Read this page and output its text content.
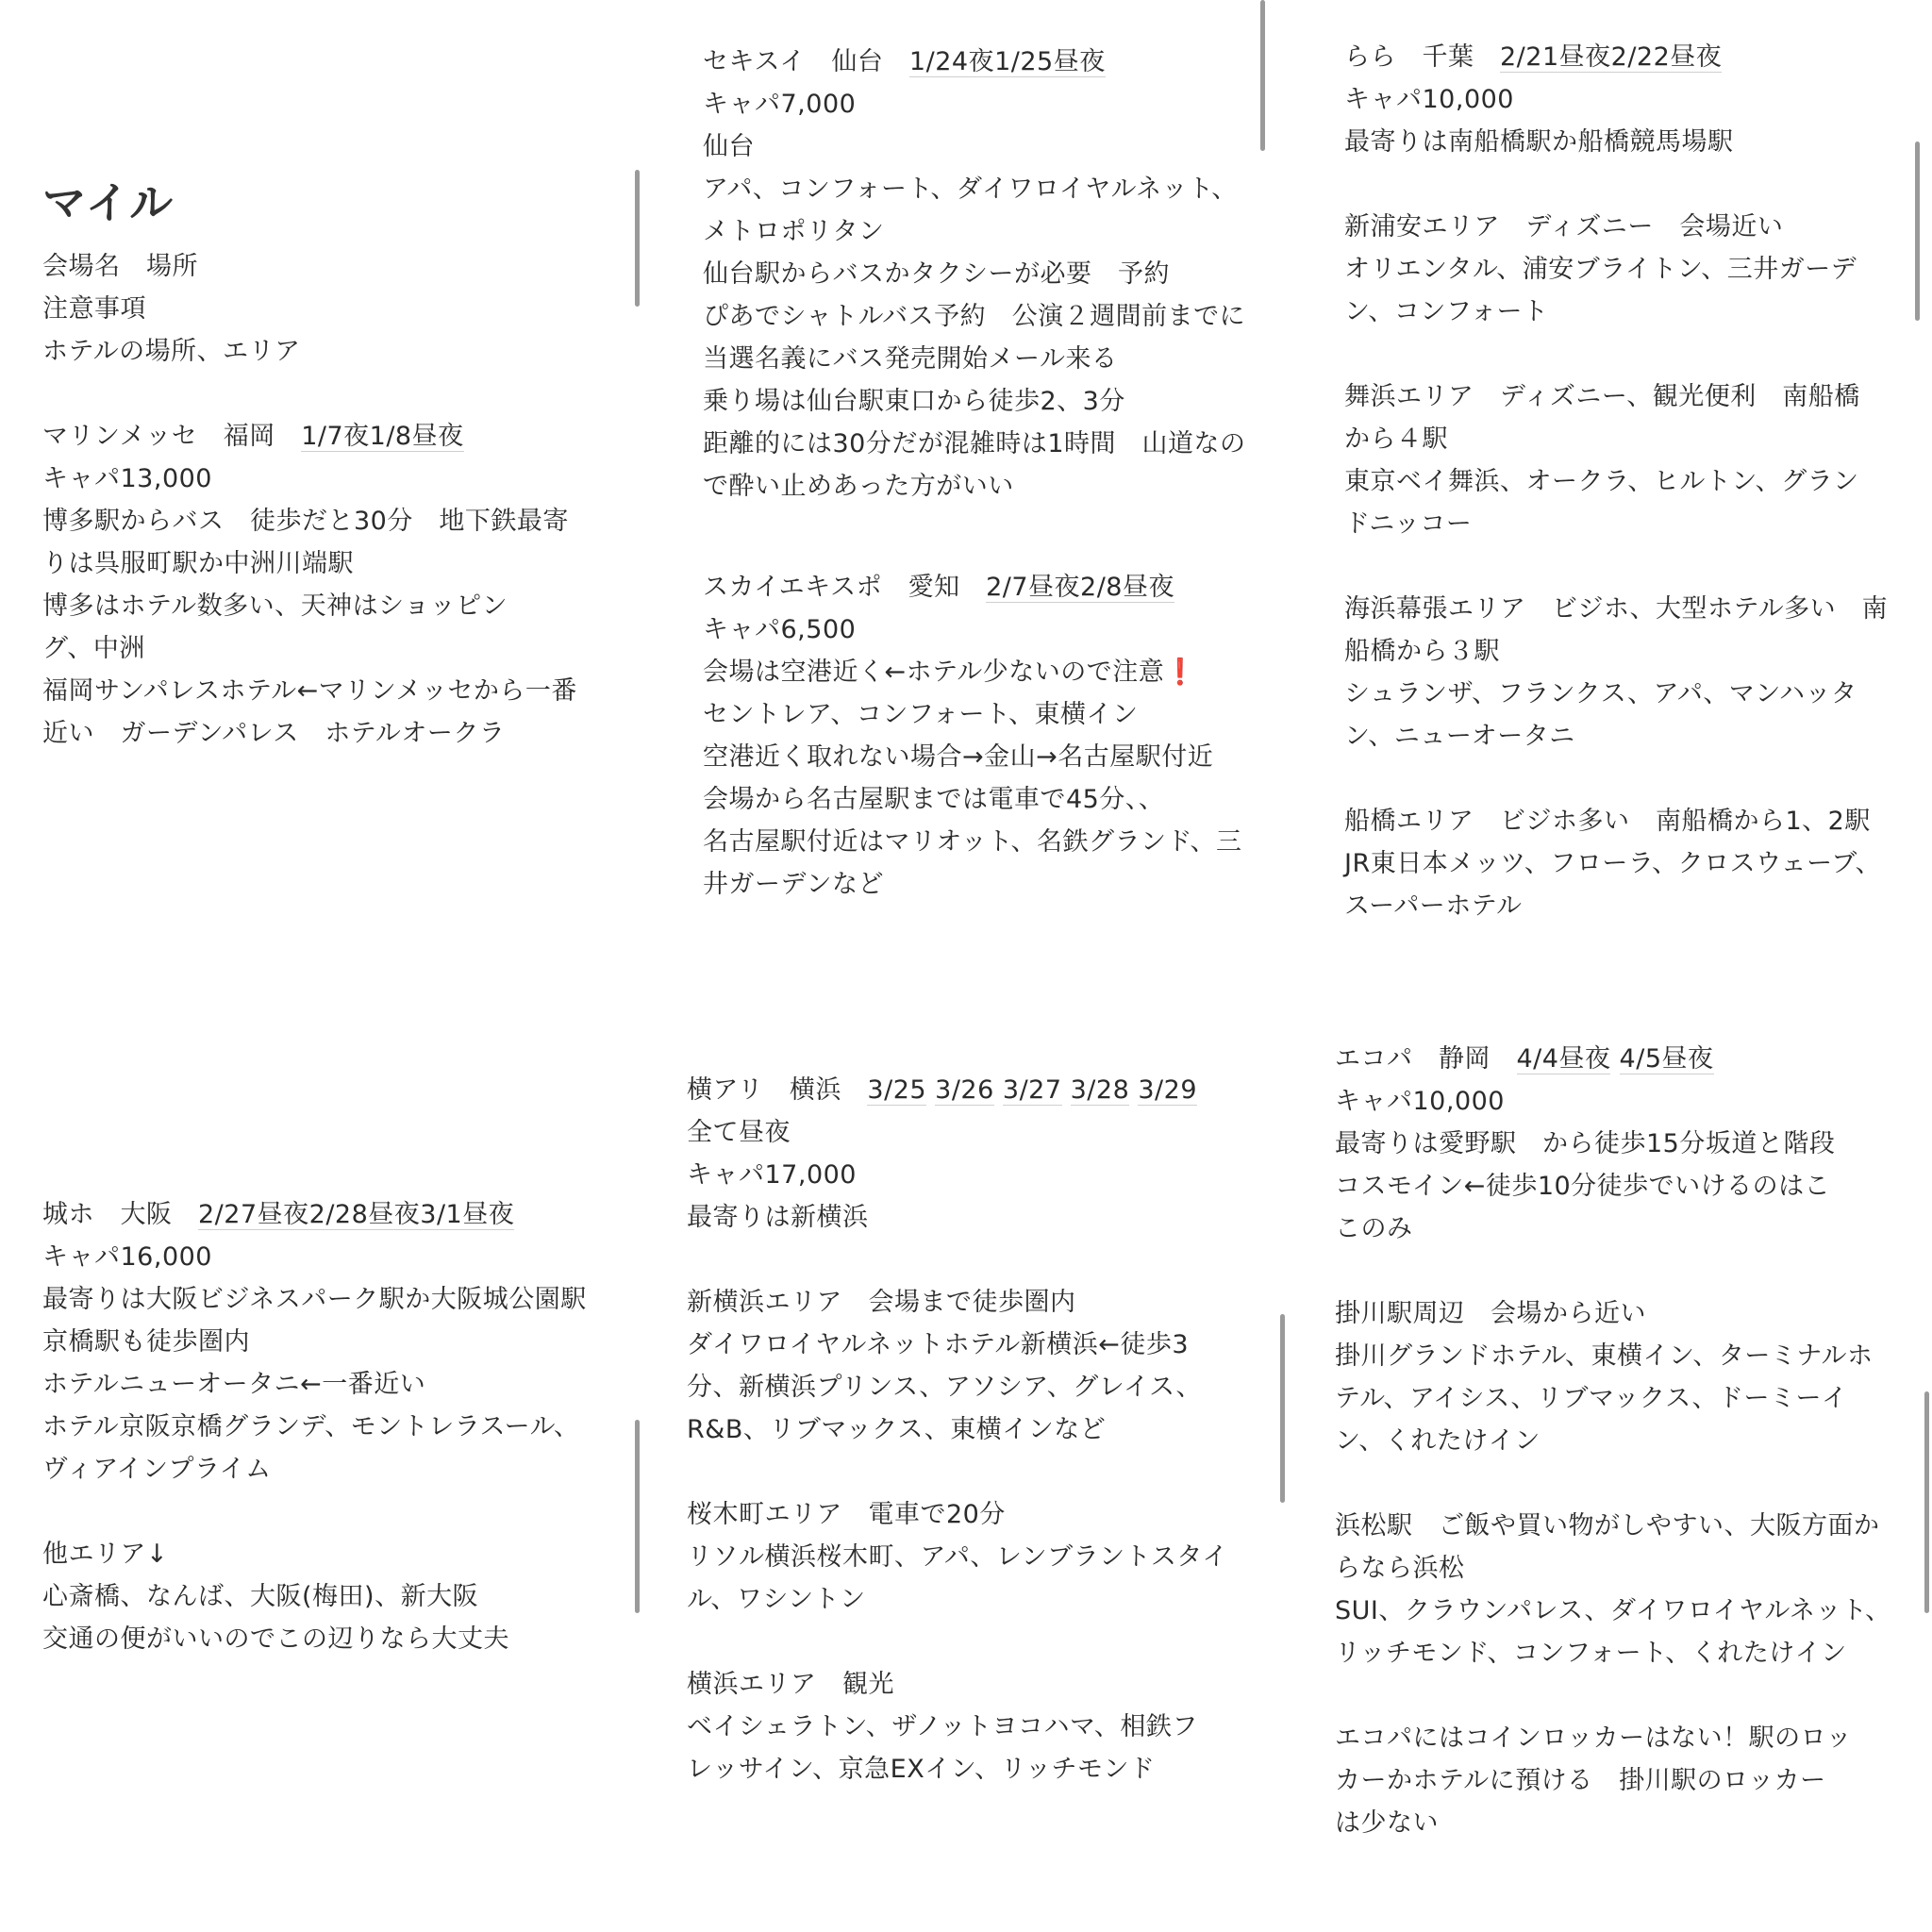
マイル
会場名　場所
注意事項
ホテルの場所、エリア
マリンメッセ　福岡　1/7夜1/8昼夜
キャパ13,000
博多駅からバス　徒歩だと30分　地下鉄最寄
りは呉服町駅か中洲川端駅
博多はホテル数多い、天神はショッピン
グ、中洲
福岡サンパレスホテル←マリンメッセから一番
近い　ガーデンパレス　ホテルオークラ
セキスイ　仙台　1/24夜1/25昼夜
キャパ7,000
仙台
アパ、コンフォート、ダイワロイヤルネット、
メトロポリタン
仙台駅からバスかタクシーが必要　予約
ぴあでシャトルバス予約　公演２週間前までに
当選名義にバス発売開始メール来る
乗り場は仙台駅東口から徒歩2、3分
距離的には30分だが混雑時は1時間　山道なの
で酔い止めあった方がいい
スカイエキスポ　愛知　2/7昼夜2/8昼夜
キャパ6,500
会場は空港近く←ホテル少ないので注意❗
セントレア、コンフォート、東横イン
空港近く取れない場合→金山→名古屋駅付近
会場から名古屋駅までは電車で45分、、
名古屋駅付近はマリオット、名鉄グランド、三
井ガーデンなど
らら　千葉　2/21昼夜2/22昼夜
キャパ10,000
最寄りは南船橋駅か船橋競馬場駅
新浦安エリア　ディズニー　会場近い
オリエンタル、浦安ブライトン、三井ガーデ
ン、コンフォート
舞浜エリア　ディズニー、観光便利　南船橋
から４駅
東京ベイ舞浜、オークラ、ヒルトン、グラン
ドニッコー
海浜幕張エリア　ビジホ、大型ホテル多い　南
船橋から３駅
シュランザ、フランクス、アパ、マンハッタ
ン、ニューオータニ
船橋エリア　ビジホ多い　南船橋から1、2駅
JR東日本メッツ、フローラ、クロスウェーブ、
スーパーホテル
城ホ　大阪　2/27昼夜2/28昼夜3/1昼夜
キャパ16,000
最寄りは大阪ビジネスパーク駅か大阪城公園駅
京橋駅も徒歩圏内
ホテルニューオータニ←一番近い
ホテル京阪京橋グランデ、モントレラスール、
ヴィアインプライム
他エリア↓
心斎橋、なんば、大阪(梅田)、新大阪
交通の便がいいのでこの辺りなら大丈夫
横アリ　横浜　3/25 3/26 3/27 3/28 3/29
全て昼夜
キャパ17,000
最寄りは新横浜
新横浜エリア　会場まで徒歩圏内
ダイワロイヤルネットホテル新横浜←徒歩3
分、新横浜プリンス、アソシア、グレイス、
R&B、リブマックス、東横インなど
桜木町エリア　電車で20分
リソル横浜桜木町、アパ、レンブラントスタイ
ル、ワシントン
横浜エリア　観光
ベイシェラトン、ザノットヨコハマ、相鉄フ
レッサイン、京急EXイン、リッチモンド
エコパ　静岡　4/4昼夜 4/5昼夜
キャパ10,000
最寄りは愛野駅　から徒歩15分坂道と階段
コスモイン←徒歩10分徒歩でいけるのはこ
このみ
掛川駅周辺　会場から近い
掛川グランドホテル、東横イン、ターミナルホ
テル、アイシス、リブマックス、ドーミーイ
ン、くれたけイン
浜松駅　ご飯や買い物がしやすい、大阪方面か
らなら浜松
SUI、クラウンパレス、ダイワロイヤルネット、
リッチモンド、コンフォート、くれたけイン
エコパにはコインロッカーはない！駅のロッ
カーかホテルに預ける　掛川駅のロッカー
は少ない
